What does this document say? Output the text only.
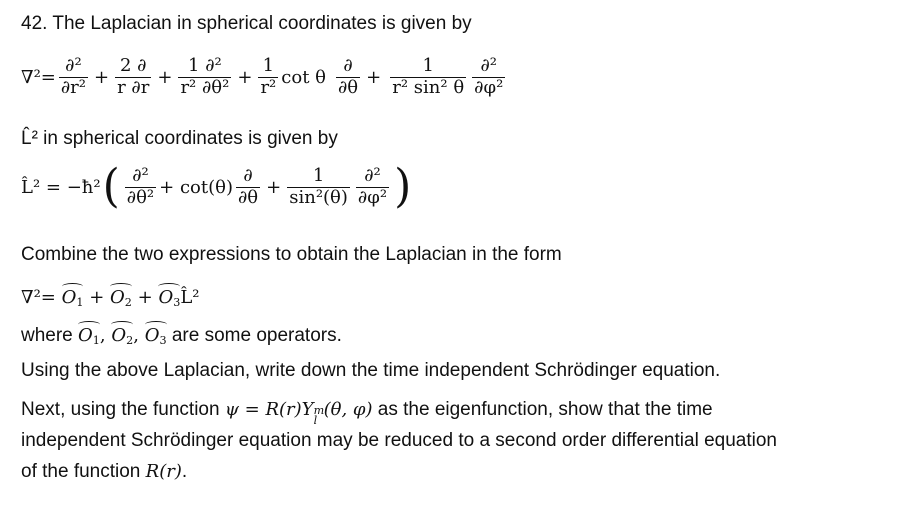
42. The Laplacian in spherical coordinates is given by
$\nabla^2= \frac{\text{∂²}}{\text{∂r²}} + \frac{2 \partial}{r \partial r} + \frac{\text{1 ∂²}}{\text{r² ∂θ²}} + \frac{1}{\text{r²}}$ cot θ $\frac{\partial}{\partial\theta} + \frac{1}{\text{r² sin² θ}} \frac{\text{∂²}}{\text{∂φ²}}$
L̂² in spherical coordinates is given by
L̂² = −ħ² ( $\frac{\text{∂²}}{\text{∂θ²}} + \cot(\theta) \frac{\partial}{\partial\theta} + \frac{1}{\text{sin²(θ)}} \frac{\text{∂²}}{\text{∂φ²}}$ )
Combine the two expressions to obtain the Laplacian in the form
$\nabla^2= O_1 + O_2$ + $O_3L̂^2$
where $O_1$, $O_2$, $O_3$ are some operators.
Using the above Laplacian, write down the time independent Schrödinger equation.
Next, using the function ψ = R(r)Y m
l
(θ, φ) as the eigenfunction, show that the time
independent Schrödinger equation may be reduced to a second order differential equation
of the function R(r).
